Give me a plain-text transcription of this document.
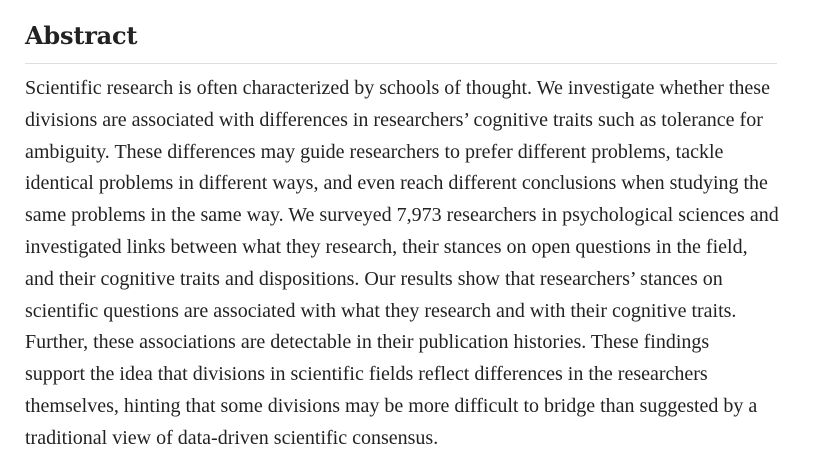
Abstract

Scientific research is often characterized by schools of thought. We investigate whether these
divisions are associated with differences in researchers’ cognitive traits such as tolerance for
ambiguity. These differences may guide researchers to prefer different problems, tackle
identical problems in different ways, and even reach different conclusions when studying the
same problems in the same way. We surveyed 7,973 researchers in psychological sciences and
investigated links between what they research, their stances on open questions in the field,
and their cognitive traits and dispositions. Our results show that researchers’ stances on
scientific questions are associated with what they research and with their cognitive traits.
Further, these associations are detectable in their publication histories. These findings
support the idea that divisions in scientific fields reflect differences in the researchers
themselves, hinting that some divisions may be more difficult to bridge than suggested by a
traditional view of data-driven scientific consensus.
